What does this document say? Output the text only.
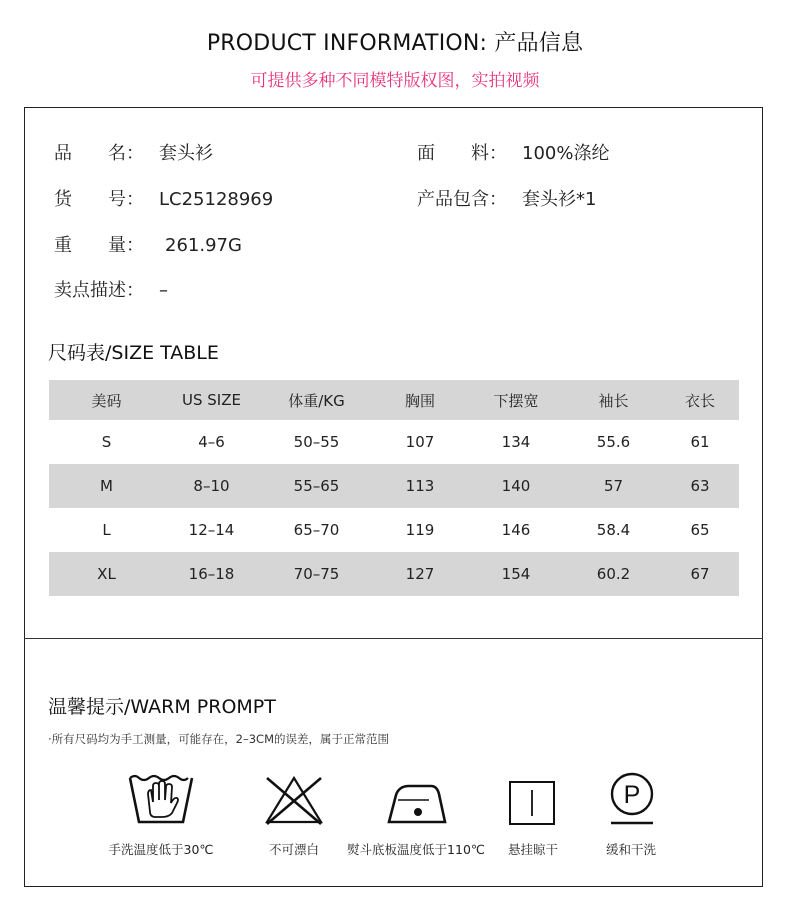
PRODUCT INFORMATION: 产品信息
可提供多种不同模特版权图，实拍视频
品　　名： 套头衫	面　　料： 100%涤纶
货　　号： LC25128969	产品包含： 套头衫*1
重　　量： 261.97G
卖点描述： –
尺码表/SIZE TABLE
美码	US SIZE	体重/KG	胸围	下摆宽	袖长	衣长
S	4–6	50–55	107	134	55.6	61
M	8–10	55–65	113	140	57	63
L	12–14	65–70	119	146	58.4	65
XL	16–18	70–75	127	154	60.2	67
温馨提示/WARM PROMPT
·所有尺码均为手工测量，可能存在，2–3CM的误差，属于正常范围
手洗温度低于30℃	不可漂白	熨斗底板温度低于110℃	悬挂晾干
P
缓和干洗
